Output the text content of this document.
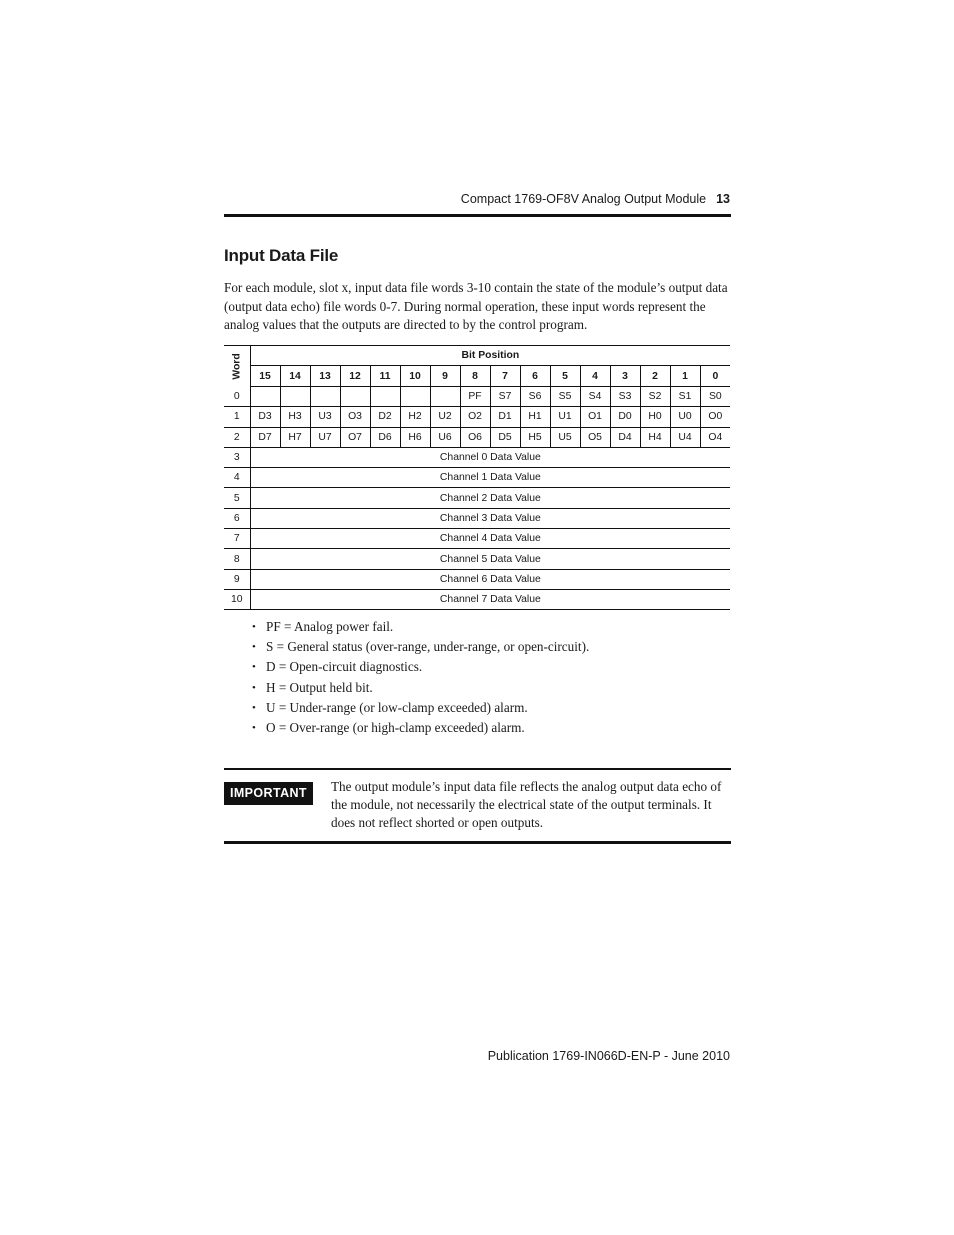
Compact 1769-OF8V Analog Output Module 13
Input Data File
For each module, slot x, input data file words 3-10 contain the state of the module’s output data (output data echo) file words 0-7. During normal operation, these input words represent the analog values that the outputs are directed to by the control program.
Word	Bit Position															
	15	14	13	12	11	10	9	8	7	6	5	4	3	2	1	0
0								PF	S7	S6	S5	S4	S3	S2	S1	S0
1	D3	H3	U3	O3	D2	H2	U2	O2	D1	H1	U1	O1	D0	H0	U0	O0
2	D7	H7	U7	O7	D6	H6	U6	O6	D5	H5	U5	O5	D4	H4	U4	O4
3	Channel 0 Data Value															
4	Channel 1 Data Value															
5	Channel 2 Data Value															
6	Channel 3 Data Value															
7	Channel 4 Data Value															
8	Channel 5 Data Value															
9	Channel 6 Data Value															
10	Channel 7 Data Value															
• PF = Analog power fail.
• S = General status (over-range, under-range, or open-circuit).
• D = Open-circuit diagnostics.
• H = Output held bit.
• U = Under-range (or low-clamp exceeded) alarm.
• O = Over-range (or high-clamp exceeded) alarm.
IMPORTANT	The output module’s input data file reflects the analog output data echo of the module, not necessarily the electrical state of the output terminals. It does not reflect shorted or open outputs.
Publication 1769-IN066D-EN-P - June 2010
